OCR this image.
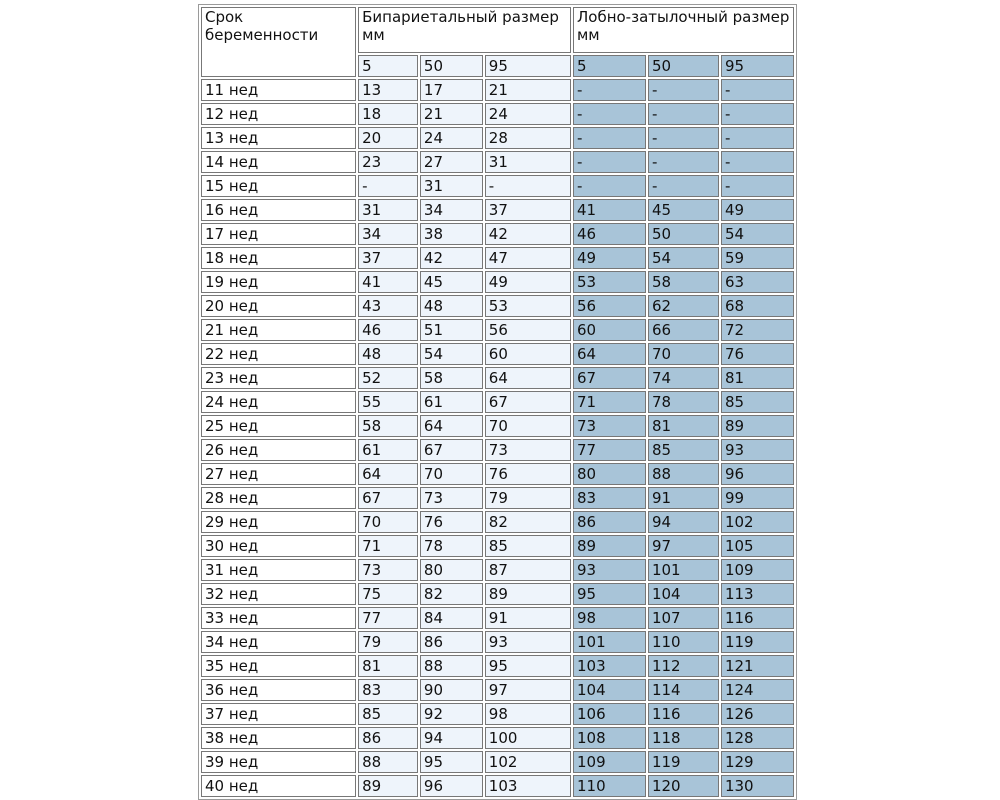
Срок беременности	Бипариетальный размер мм			Лобно-затылочный размер мм		
	5	50	95	5	50	95
11 нед	13	17	21	-	-	-
12 нед	18	21	24	-	-	-
13 нед	20	24	28	-	-	-
14 нед	23	27	31	-	-	-
15 нед	-	31	-	-	-	-
16 нед	31	34	37	41	45	49
17 нед	34	38	42	46	50	54
18 нед	37	42	47	49	54	59
19 нед	41	45	49	53	58	63
20 нед	43	48	53	56	62	68
21 нед	46	51	56	60	66	72
22 нед	48	54	60	64	70	76
23 нед	52	58	64	67	74	81
24 нед	55	61	67	71	78	85
25 нед	58	64	70	73	81	89
26 нед	61	67	73	77	85	93
27 нед	64	70	76	80	88	96
28 нед	67	73	79	83	91	99
29 нед	70	76	82	86	94	102
30 нед	71	78	85	89	97	105
31 нед	73	80	87	93	101	109
32 нед	75	82	89	95	104	113
33 нед	77	84	91	98	107	116
34 нед	79	86	93	101	110	119
35 нед	81	88	95	103	112	121
36 нед	83	90	97	104	114	124
37 нед	85	92	98	106	116	126
38 нед	86	94	100	108	118	128
39 нед	88	95	102	109	119	129
40 нед	89	96	103	110	120	130
